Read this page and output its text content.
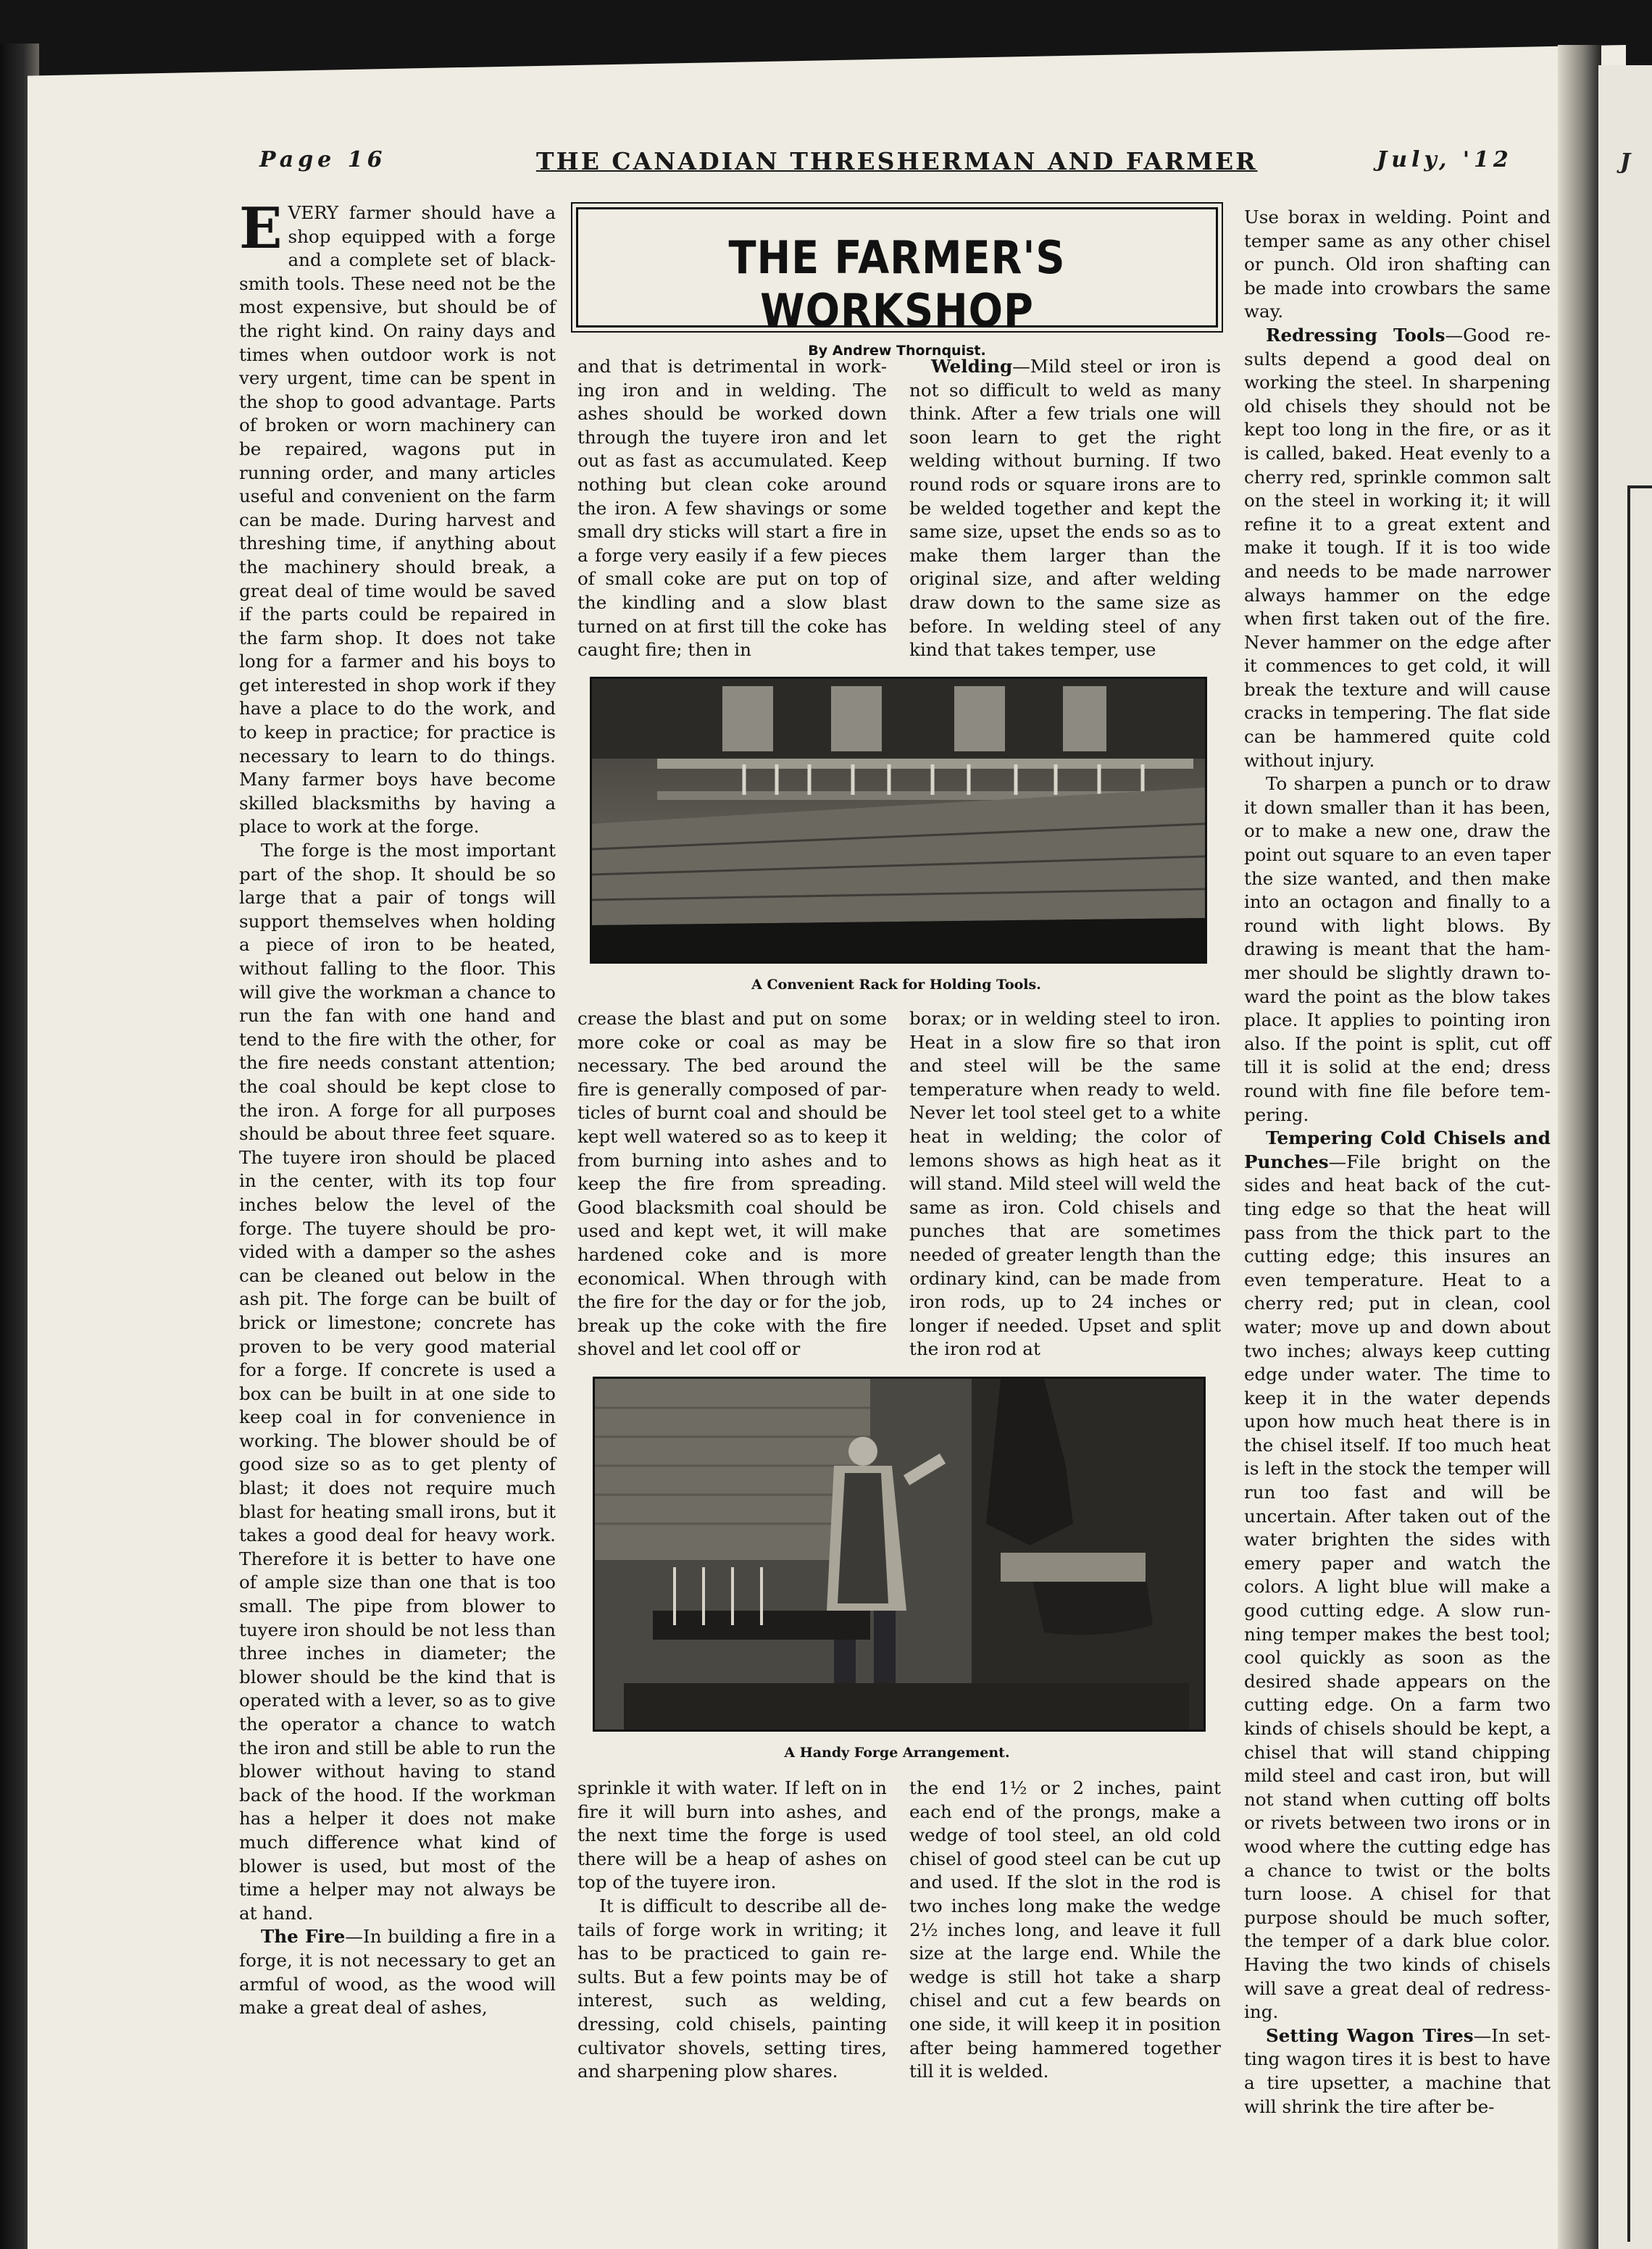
J
Page 16	THE CANADIAN THRESHERMAN AND FARMER	July, '12
THE FARMER'S WORKSHOP
By Andrew Thornquist.

EVERY farmer should have a shop equipped with a forge and a complete set of blacksmith tools. These need not be the most expensive, but should be of the right kind. On rainy days and times when outdoor work is not very urgent, time can be spent in the shop to good advantage. Parts of broken or worn machinery can be repaired, wagons put in running order, and many articles useful and convenient on the farm can be made. During harvest and threshing time, if anything about the machinery should break, a great deal of time would be saved if the parts could be repaired in the farm shop. It does not take long for a farmer and his boys to get interested in shop work if they have a place to do the work, and to keep in practice; for practice is necessary to learn to do things. Many farmer boys have become skilled blacksmiths by having a place to work at the forge.

The forge is the most important part of the shop. It should be so large that a pair of tongs will support themselves when holding a piece of iron to be heated, without falling to the floor. This will give the workman a chance to run the fan with one hand and tend to the fire with the other, for the fire needs constant attention; the coal should be kept close to the iron. A forge for all purposes should be about three feet square. The tuyere iron should be placed in the center, with its top four inches below the level of the forge. The tuyere should be provided with a damper so the ashes can be cleaned out below in the ash pit. The forge can be built of brick or limestone; concrete has proven to be very good material for a forge. If concrete is used a box can be built in at one side to keep coal in for convenience in working. The blower should be of good size so as to get plenty of blast; it does not require much blast for heating small irons, but it takes a good deal for heavy work. Therefore it is better to have one of ample size than one that is too small. The pipe from blower to tuyere iron should be not less than three inches in diameter; the blower should be the kind that is operated with a lever, so as to give the operator a chance to watch the iron and still be able to run the blower without having to stand back of the hood. If the workman has a helper it does not make much difference what kind of blower is used, but most of the time a helper may not always be at hand.

The Fire—In building a fire in a forge, it is not necessary to get an armful of wood, as the wood will make a great deal of ashes,

and that is detrimental in working iron and in welding. The ashes should be worked down through the tuyere iron and let out as fast as accumulated. Keep nothing but clean coke around the iron. A few shavings or some small dry sticks will start a fire in a forge very easily if a few pieces of small coke are put on top of the kindling and a slow blast turned on at first till the coke has caught fire; then in

Welding—Mild steel or iron is not so difficult to weld as many think. After a few trials one will soon learn to get the right welding without burning. If two round rods or square irons are to be welded together and kept the same size, upset the ends so as to make them larger than the original size, and after welding draw down to the same size as before. In welding steel of any kind that takes temper, use

A Convenient Rack for Holding Tools.

crease the blast and put on some more coke or coal as may be necessary. The bed around the fire is generally composed of particles of burnt coal and should be kept well watered so as to keep it from burning into ashes and to keep the fire from spreading. Good blacksmith coal should be used and kept wet, it will make hardened coke and is more economical. When through with the fire for the day or for the job, break up the coke with the fire shovel and let cool off or

borax; or in welding steel to iron. Heat in a slow fire so that iron and steel will be the same temperature when ready to weld. Never let tool steel get to a white heat in welding; the color of lemons shows as high heat as it will stand. Mild steel will weld the same as iron. Cold chisels and punches that are sometimes needed of greater length than the ordinary kind, can be made from iron rods, up to 24 inches or longer if needed. Upset and split the iron rod at

A Handy Forge Arrangement.

sprinkle it with water. If left on in fire it will burn into ashes, and the next time the forge is used there will be a heap of ashes on top of the tuyere iron.

It is difficult to describe all details of forge work in writing; it has to be practiced to gain results. But a few points may be of interest, such as welding, dressing, cold chisels, painting cultivator shovels, setting tires, and sharpening plow shares.

the end 1½ or 2 inches, paint each end of the prongs, make a wedge of tool steel, an old cold chisel of good steel can be cut up and used. If the slot in the rod is two inches long make the wedge 2½ inches long, and leave it full size at the large end. While the wedge is still hot take a sharp chisel and cut a few beards on one side, it will keep it in position after being hammered together till it is welded.

Use borax in welding. Point and temper same as any other chisel or punch. Old iron shafting can be made into crowbars the same way.

Redressing Tools—Good results depend a good deal on working the steel. In sharpening old chisels they should not be kept too long in the fire, or as it is called, baked. Heat evenly to a cherry red, sprinkle common salt on the steel in working it; it will refine it to a great extent and make it tough. If it is too wide and needs to be made narrower always hammer on the edge when first taken out of the fire. Never hammer on the edge after it commences to get cold, it will break the texture and will cause cracks in tempering. The flat side can be hammered quite cold without injury.

To sharpen a punch or to draw it down smaller than it has been, or to make a new one, draw the point out square to an even taper the size wanted, and then make into an octagon and finally to a round with light blows. By drawing is meant that the hammer should be slightly drawn toward the point as the blow takes place. It applies to pointing iron also. If the point is split, cut off till it is solid at the end; dress round with fine file before tempering.

Tempering Cold Chisels and Punches—File bright on the sides and heat back of the cutting edge so that the heat will pass from the thick part to the cutting edge; this insures an even temperature. Heat to a cherry red; put in clean, cool water; move up and down about two inches; always keep cutting edge under water. The time to keep it in the water depends upon how much heat there is in the chisel itself. If too much heat is left in the stock the temper will run too fast and will be uncertain. After taken out of the water brighten the sides with emery paper and watch the colors. A light blue will make a good cutting edge. A slow running temper makes the best tool; cool quickly as soon as the desired shade appears on the cutting edge. On a farm two kinds of chisels should be kept, a chisel that will stand chipping mild steel and cast iron, but will not stand when cutting off bolts or rivets between two irons or in wood where the cutting edge has a chance to twist or the bolts turn loose. A chisel for that purpose should be much softer, the temper of a dark blue color. Having the two kinds of chisels will save a great deal of redressing.

Setting Wagon Tires—In setting wagon tires it is best to have a tire upsetter, a machine that will shrink the tire after be-
